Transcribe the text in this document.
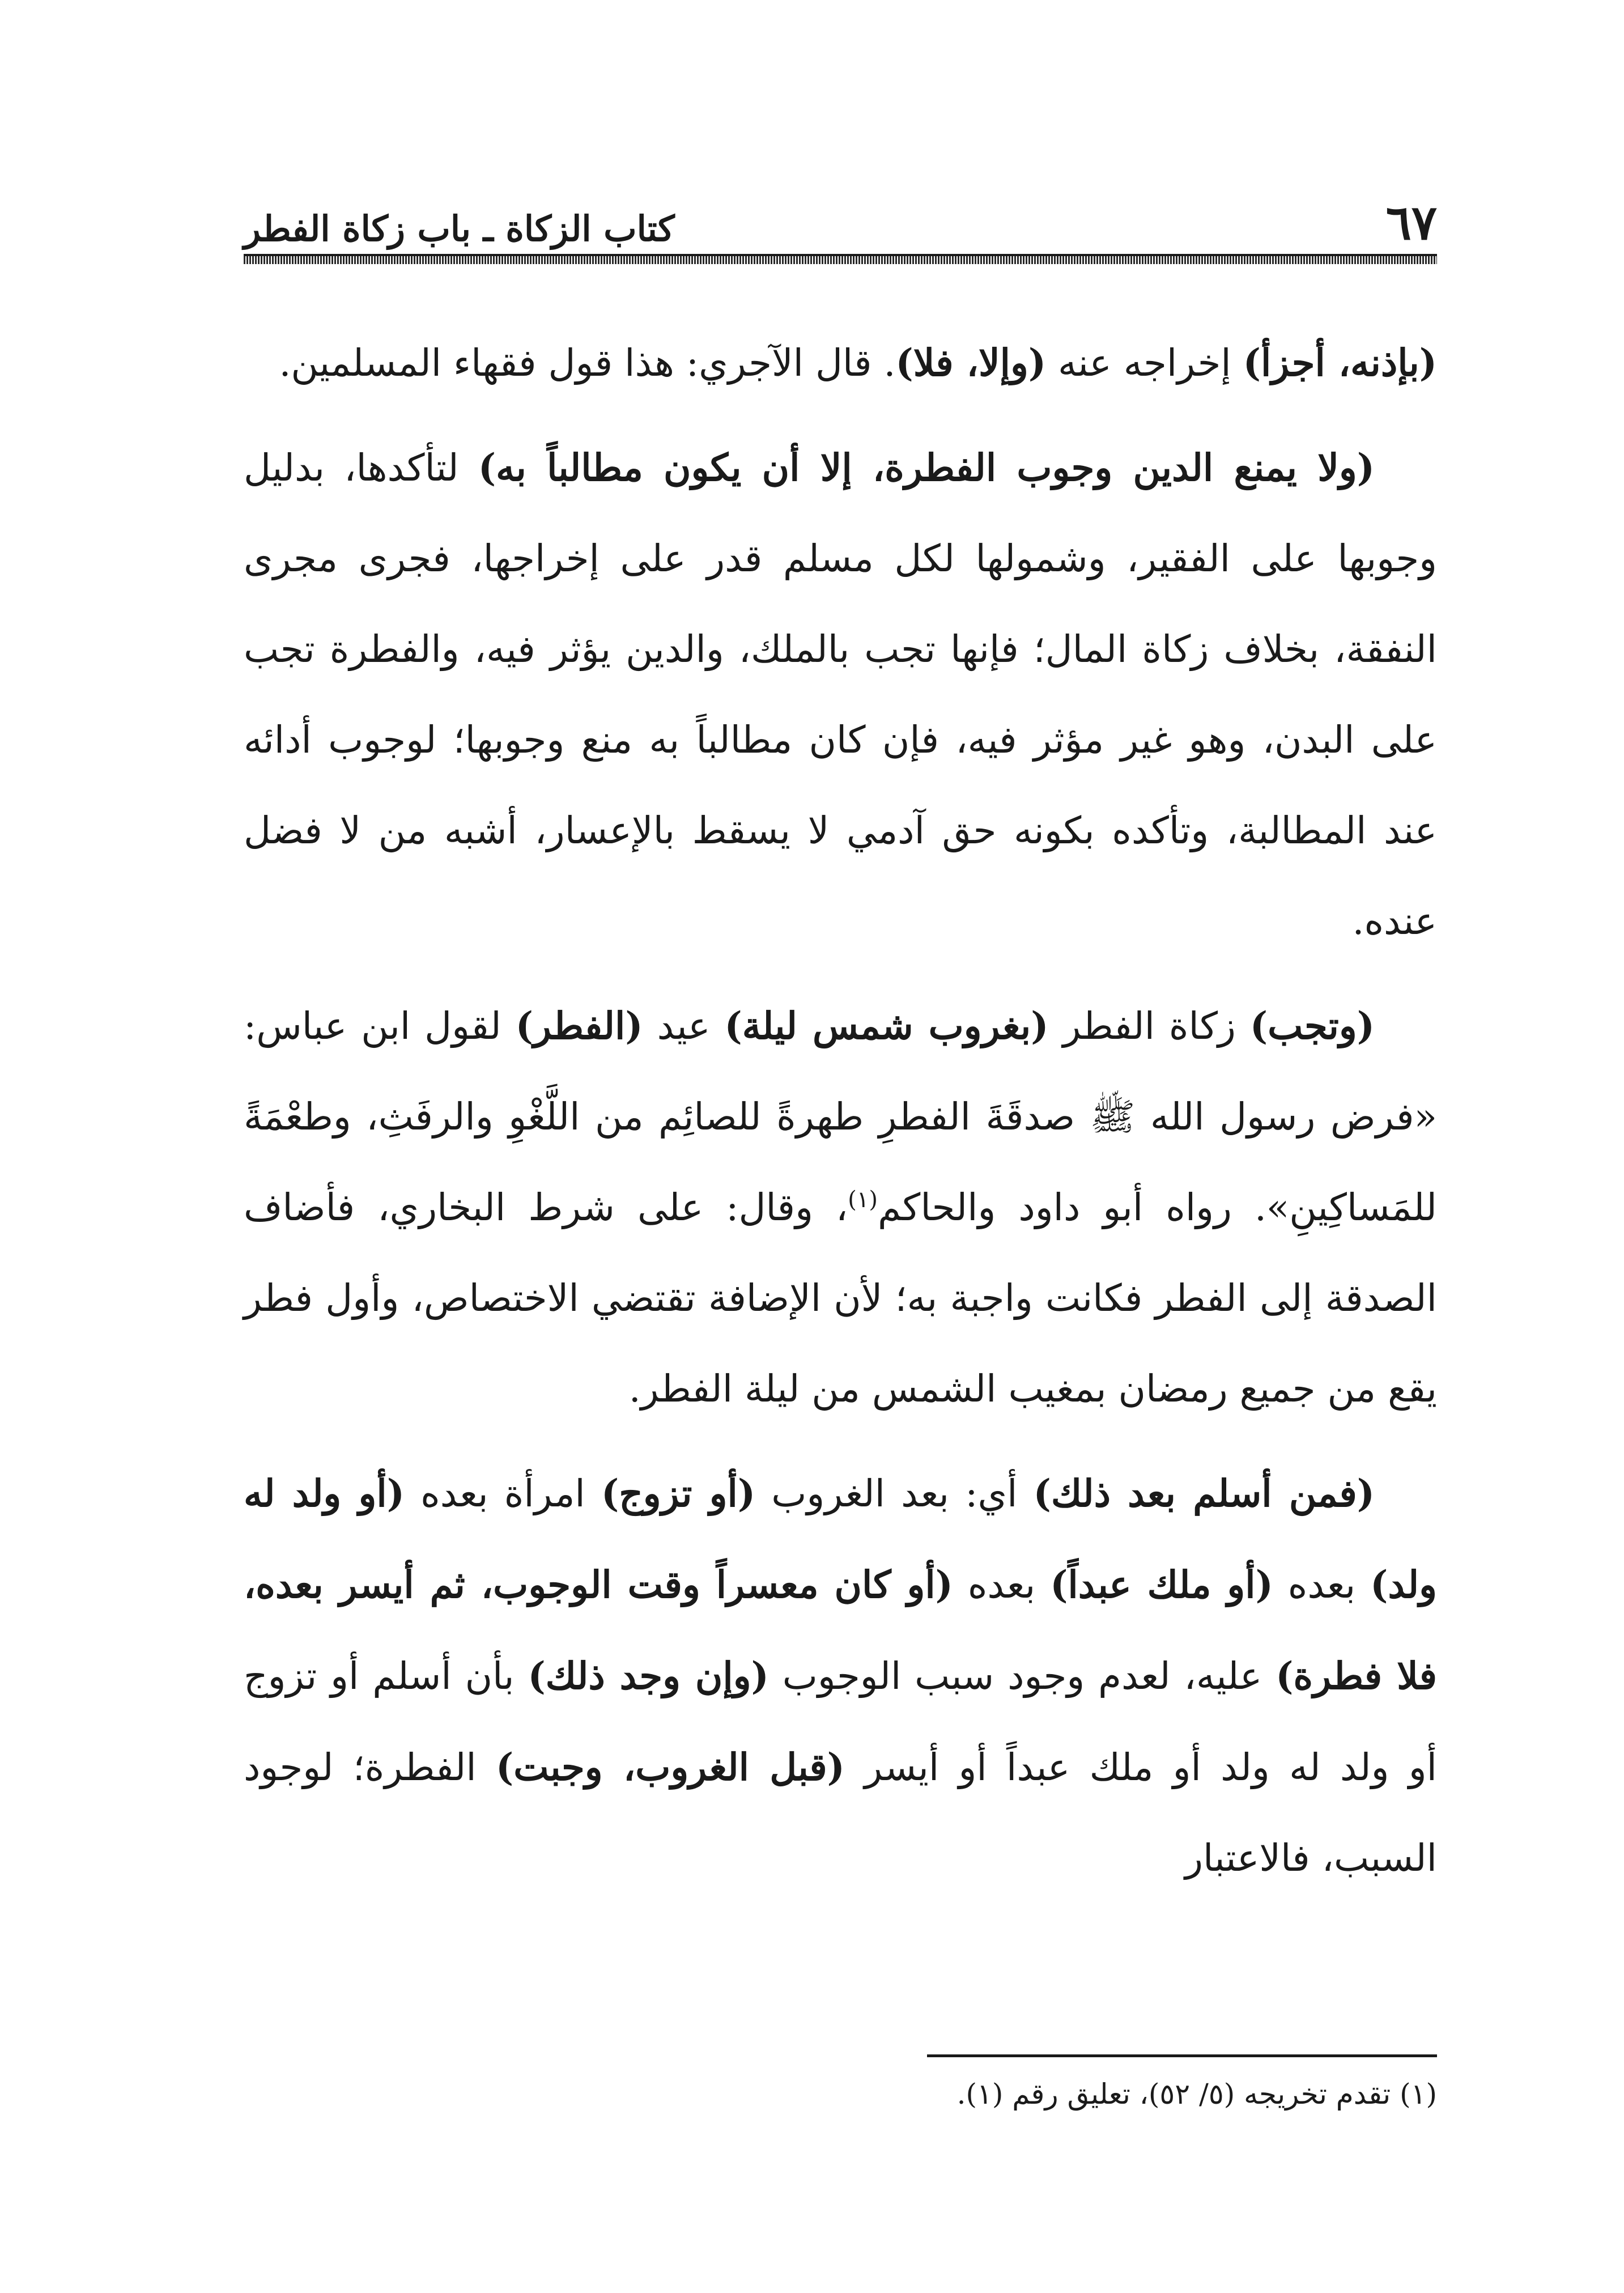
٦٧
كتاب الزكاة ـ باب زكاة الفطر

(بإذنه، أجزأ) إخراجه عنه (وإلا، فلا). قال الآجري: هذا قول فقهاء المسلمين.

(ولا يمنع الدين وجوب الفطرة، إلا أن يكون مطالباً به) لتأكدها، بدليل وجوبها على الفقير، وشمولها لكل مسلم قدر على إخراجها، فجرى مجرى النفقة، بخلاف زكاة المال؛ فإنها تجب بالملك، والدين يؤثر فيه، والفطرة تجب على البدن، وهو غير مؤثر فيه، فإن كان مطالباً به منع وجوبها؛ لوجوب أدائه عند المطالبة، وتأكده بكونه حق آدمي لا يسقط بالإعسار، أشبه من لا فضل عنده.

(وتجب) زكاة الفطر (بغروب شمس ليلة) عيد (الفطر) لقول ابن عباس: «فرض رسول الله ﷺ صدقَةَ الفطرِ طهرةً للصائِم من اللَّغْوِ والرفَثِ، وطعْمَةً للمَساكِينِ». رواه أبو داود والحاكم$^{(١)}$، وقال: على شرط البخاري، فأضاف الصدقة إلى الفطر فكانت واجبة به؛ لأن الإضافة تقتضي الاختصاص، وأول فطر يقع من جميع رمضان بمغيب الشمس من ليلة الفطر.

(فمن أسلم بعد ذلك) أي: بعد الغروب (أو تزوج) امرأة بعده (أو ولد له ولد) بعده (أو ملك عبداً) بعده (أو كان معسراً وقت الوجوب، ثم أيسر بعده، فلا فطرة) عليه، لعدم وجود سبب الوجوب (وإن وجد ذلك) بأن أسلم أو تزوج أو ولد له ولد أو ملك عبداً أو أيسر (قبل الغروب، وجبت) الفطرة؛ لوجود السبب، فالاعتبار

(١) تقدم تخريجه (٥/ ٥٢)، تعليق رقم (١).
